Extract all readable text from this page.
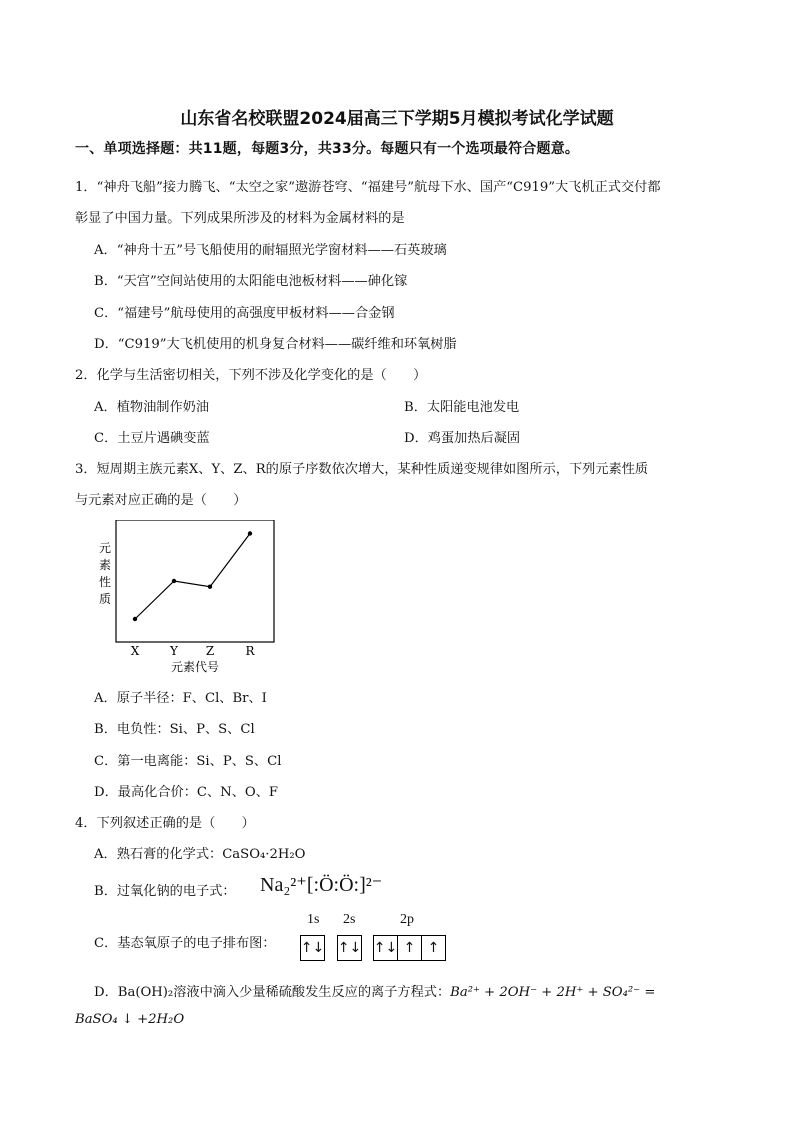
山东省名校联盟2024届高三下学期5月模拟考试化学试题
一、单项选择题：共11题，每题3分，共33分。每题只有一个选项最符合题意。
1．“神舟飞船”接力腾飞、“太空之家”遨游苍穹、“福建号”航母下水、国产“C919”大飞机正式交付都
彰显了中国力量。下列成果所涉及的材料为金属材料的是
A．“神舟十五”号飞船使用的耐辐照光学窗材料——石英玻璃
B．“天宫”空间站使用的太阳能电池板材料——砷化镓
C．“福建号”航母使用的高强度甲板材料——合金钢
D．“C919”大飞机使用的机身复合材料——碳纤维和环氧树脂
2．化学与生活密切相关，下列不涉及化学变化的是（　　）
A．植物油制作奶油	B．太阳能电池发电
C．土豆片遇碘变蓝	D．鸡蛋加热后凝固
3．短周期主族元素X、Y、Z、R的原子序数依次增大，某种性质递变规律如图所示，下列元素性质
与元素对应正确的是（　　）
元素性质
元素代号
X	Y Z	R
A．原子半径：F、Cl、Br、I
B．电负性：Si、P、S、Cl
C．第一电离能：Si、P、S、Cl
D．最高化合价：C、N、O、F
4．下列叙述正确的是（　　）
A．熟石膏的化学式：CaSO₄·2H₂O
B．过氧化钠的电子式： Na₂²⁺[:Ö:Ö:]²⁻
C．基态氧原子的电子排布图：
1s 2s	2p
↑↓ ↑↓ ↑↓ ↑ ↑
D．Ba(OH)₂溶液中滴入少量稀硫酸发生反应的离子方程式：Ba²⁺ + 2OH⁻ + 2H⁺ + SO₄²⁻ =
BaSO₄ ↓ +2H₂O
